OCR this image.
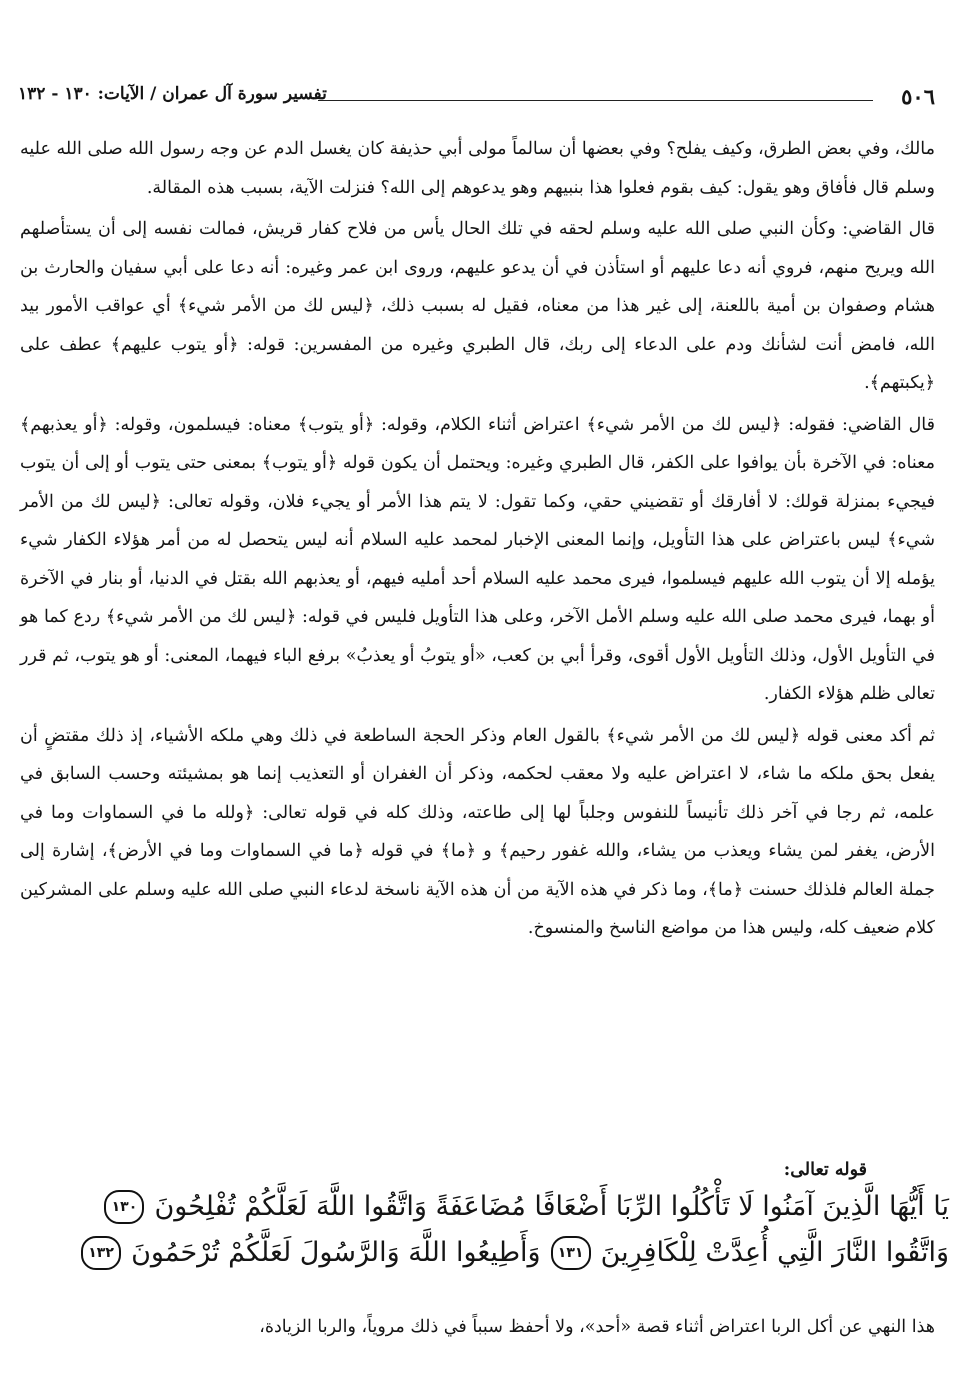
٥٠٦
تفسير سورة آل عمران / الآيات: ١٣٠ - ١٣٢

مالك، وفي بعض الطرق، وكيف يفلح؟ وفي بعضها أن سالماً مولى أبي حذيفة كان يغسل الدم عن وجه رسول الله صلى الله عليه وسلم قال فأفاق وهو يقول: كيف بقوم فعلوا هذا بنبيهم وهو يدعوهم إلى الله؟ فنزلت الآية، بسبب هذه المقالة.

قال القاضي: وكأن النبي صلى الله عليه وسلم لحقه في تلك الحال يأس من فلاح كفار قريش، فمالت نفسه إلى أن يستأصلهم الله ويريح منهم، فروي أنه دعا عليهم أو استأذن في أن يدعو عليهم، وروى ابن عمر وغيره: أنه دعا على أبي سفيان والحارث بن هشام وصفوان بن أمية باللعنة، إلى غير هذا من معناه، فقيل له بسبب ذلك، ﴿ليس لك من الأمر شيء﴾ أي عواقب الأمور بيد الله، فامض أنت لشأنك ودم على الدعاء إلى ربك، قال الطبري وغيره من المفسرين: قوله: ﴿أو يتوب عليهم﴾ عطف على ﴿يكبتهم﴾.

قال القاضي: فقوله: ﴿ليس لك من الأمر شيء﴾ اعتراض أثناء الكلام، وقوله: ﴿أو يتوب﴾ معناه: فيسلمون، وقوله: ﴿أو يعذبهم﴾ معناه: في الآخرة بأن يوافوا على الكفر، قال الطبري وغيره: ويحتمل أن يكون قوله ﴿أو يتوب﴾ بمعنى حتى يتوب أو إلى أن يتوب فيجيء بمنزلة قولك: لا أفارقك أو تقضيني حقي، وكما تقول: لا يتم هذا الأمر أو يجيء فلان، وقوله تعالى: ﴿ليس لك من الأمر شيء﴾ ليس باعتراض على هذا التأويل، وإنما المعنى الإخبار لمحمد عليه السلام أنه ليس يتحصل له من أمر هؤلاء الكفار شيء يؤمله إلا أن يتوب الله عليهم فيسلموا، فيرى محمد عليه السلام أحد أمليه فيهم، أو يعذبهم الله بقتل في الدنيا، أو بنار في الآخرة أو بهما، فيرى محمد صلى الله عليه وسلم الأمل الآخر، وعلى هذا التأويل فليس في قوله: ﴿ليس لك من الأمر شيء﴾ ردع كما هو في التأويل الأول، وذلك التأويل الأول أقوى، وقرأ أبي بن كعب، «أو يتوبُ أو يعذبُ» برفع الباء فيهما، المعنى: أو هو يتوب، ثم قرر تعالى ظلم هؤلاء الكفار.

ثم أكد معنى قوله ﴿ليس لك من الأمر شيء﴾ بالقول العام وذكر الحجة الساطعة في ذلك وهي ملكه الأشياء، إذ ذلك مقتضٍ أن يفعل بحق ملكه ما شاء، لا اعتراض عليه ولا معقب لحكمه، وذكر أن الغفران أو التعذيب إنما هو بمشيئته وحسب السابق في علمه، ثم رجا في آخر ذلك تأنيساً للنفوس وجلباً لها إلى طاعته، وذلك كله في قوله تعالى: ﴿ولله ما في السماوات وما في الأرض، يغفر لمن يشاء ويعذب من يشاء، والله غفور رحيم﴾ و ﴿ما﴾ في قوله ﴿ما في السماوات وما في الأرض﴾، إشارة إلى جملة العالم فلذلك حسنت ﴿ما﴾، وما ذكر في هذه الآية من أن هذه الآية ناسخة لدعاء النبي صلى الله عليه وسلم على المشركين كلام ضعيف كله، وليس هذا من مواضع الناسخ والمنسوخ.

قوله تعالى:

يَا أَيُّهَا الَّذِينَ آمَنُوا لَا تَأْكُلُوا الرِّبَا أَضْعَافًا مُضَاعَفَةً وَاتَّقُوا اللَّهَ لَعَلَّكُمْ تُفْلِحُونَ
١٣٠
وَاتَّقُوا النَّارَ الَّتِي أُعِدَّتْ لِلْكَافِرِينَ
١٣١
وَأَطِيعُوا اللَّهَ وَالرَّسُولَ لَعَلَّكُمْ تُرْحَمُونَ
١٣٢
هذا النهي عن أكل الربا اعتراض أثناء قصة «أحد»، ولا أحفظ سبباً في ذلك مروياً، والربا الزيادة،
